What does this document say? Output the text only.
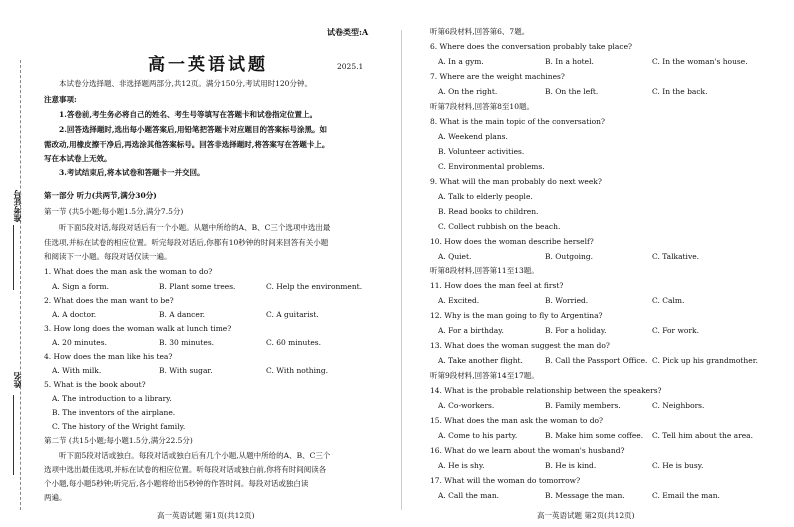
准考证号
姓名
试卷类型:A
高一英语试题	2025.1
本试卷分选择题、非选择题两部分,共12页。满分150分,考试用时120分钟。
注意事项:
1.答卷前,考生务必将自己的姓名、考生号等填写在答题卡和试卷指定位置上。
2.回答选择题时,选出每小题答案后,用铅笔把答题卡对应题目的答案标号涂黑。如
需改动,用橡皮擦干净后,再选涂其他答案标号。回答非选择题时,将答案写在答题卡上。
写在本试卷上无效。
3.考试结束后,将本试卷和答题卡一并交回。
第一部分 听力(共两节,满分30分)
第一节 (共5小题;每小题1.5分,满分7.5分)
听下面5段对话,每段对话后有一个小题。从题中所给的A、B、C三个选项中选出最
佳选项,并标在试卷的相应位置。听完每段对话后,你都有10秒钟的时间来回答有关小题
和阅读下一小题。每段对话仅读一遍。
1. What does the man ask the woman to do?
A. Sign a form.	B. Plant some trees.	C. Help the environment.
2. What does the man want to be?
A. A doctor.	B. A dancer.	C. A guitarist.
3. How long does the woman walk at lunch time?
A. 20 minutes.	B. 30 minutes.	C. 60 minutes.
4. How does the man like his tea?
A. With milk.	B. With sugar.	C. With nothing.
5. What is the book about?
A. The introduction to a library.
B. The inventors of the airplane.
C. The history of the Wright family.
第二节 (共15小题;每小题1.5分,满分22.5分)
听下面5段对话或独白。每段对话或独白后有几个小题,从题中所给的A、B、C三个
选项中选出最佳选项,并标在试卷的相应位置。听每段对话或独白前,你将有时间阅读各
个小题,每小题5秒钟;听完后,各小题将给出5秒钟的作答时间。每段对话或独白读
两遍。
高一英语试题 第1页(共12页)
听第6段材料,回答第6、7题。
6. Where does the conversation probably take place?
A. In a gym.	B. In a hotel.	C. In the woman's house.
7. Where are the weight machines?
A. On the right.	B. On the left.	C. In the back.
听第7段材料,回答第8至10题。
8. What is the main topic of the conversation?
A. Weekend plans.
B. Volunteer activities.
C. Environmental problems.
9. What will the man probably do next week?
A. Talk to elderly people.
B. Read books to children.
C. Collect rubbish on the beach.
10. How does the woman describe herself?
A. Quiet.	B. Outgoing.	C. Talkative.
听第8段材料,回答第11至13题。
11. How does the man feel at first?
A. Excited.	B. Worried.	C. Calm.
12. Why is the man going to fly to Argentina?
A. For a birthday.	B. For a holiday.	C. For work.
13. What does the woman suggest the man do?
A. Take another flight.	B. Call the Passport Office. C. Pick up his grandmother.
听第9段材料,回答第14至17题。
14. What is the probable relationship between the speakers?
A. Co-workers.	B. Family members.	C. Neighbors.
15. What does the man ask the woman to do?
A. Come to his party.	B. Make him some coffee. C. Tell him about the area.
16. What do we learn about the woman's husband?
A. He is shy.	B. He is kind.	C. He is busy.
17. What will the woman do tomorrow?
A. Call the man.	B. Message the man.	C. Email the man.
高一英语试题 第2页(共12页)
